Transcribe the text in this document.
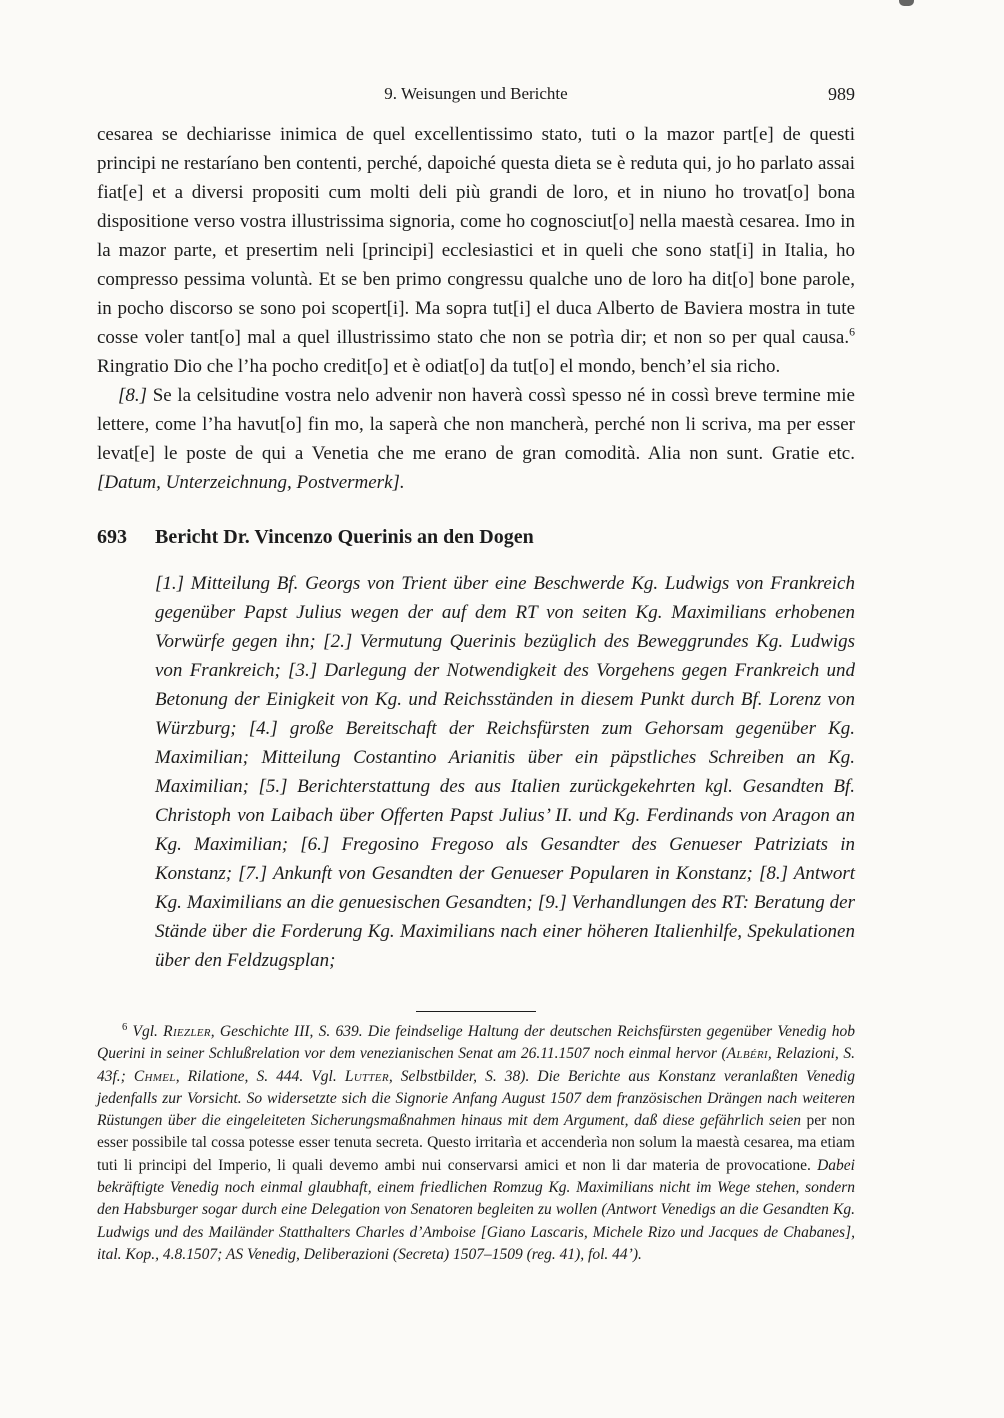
9. Weisungen und Berichte	989

cesarea se dechiarisse inimica de quel excellentissimo stato, tuti o la mazor part[e] de questi principi ne restaríano ben contenti, perché, dapoiché questa dieta se è reduta qui, jo ho parlato assai fiat[e] et a diversi propositi cum molti deli più grandi de loro, et in niuno ho trovat[o] bona dispositione verso vostra illustrissima signoria, come ho cognosciut[o] nella maestà cesarea. Imo in la mazor parte, et presertim neli [principi] ecclesiastici et in queli che sono stat[i] in Italia, ho compresso pessima voluntà. Et se ben primo congressu qualche uno de loro ha dit[o] bone parole, in pocho discorso se sono poi scopert[i]. Ma sopra tut[i] el duca Alberto de Baviera mostra in tute cosse voler tant[o] mal a quel illustrissimo stato che non se potrìa dir; et non so per qual causa.$^6$ Ringratio Dio che l’ha pocho credit[o] et è odiat[o] da tut[o] el mondo, bench’el sia richo.

[8.] Se la celsitudine vostra nelo advenir non haverà cossì spesso né in cossì breve termine mie lettere, come l’ha havut[o] fin mo, la saperà che non mancherà, perché non li scriva, ma per esser levat[e] le poste de qui a Venetia che me erano de gran comodità. Alia non sunt. Gratie etc. [Datum, Unterzeichnung, Postvermerk].

693	Bericht Dr. Vincenzo Querinis an den Dogen

[1.] Mitteilung Bf. Georgs von Trient über eine Beschwerde Kg. Ludwigs von Frankreich gegenüber Papst Julius wegen der auf dem RT von seiten Kg. Maximilians erhobenen Vorwürfe gegen ihn; [2.] Vermutung Querinis bezüglich des Beweggrundes Kg. Ludwigs von Frankreich; [3.] Darlegung der Notwendigkeit des Vorgehens gegen Frankreich und Betonung der Einigkeit von Kg. und Reichsständen in diesem Punkt durch Bf. Lorenz von Würzburg; [4.] große Bereitschaft der Reichsfürsten zum Gehorsam gegenüber Kg. Maximilian; Mitteilung Costantino Arianitis über ein päpstliches Schreiben an Kg. Maximilian; [5.] Berichterstattung des aus Italien zurückgekehrten kgl. Gesandten Bf. Christoph von Laibach über Offerten Papst Julius’ II. und Kg. Ferdinands von Aragon an Kg. Maximilian; [6.] Fregosino Fregoso als Gesandter des Genueser Patriziats in Konstanz; [7.] Ankunft von Gesandten der Genueser Popularen in Konstanz; [8.] Antwort Kg. Maximilians an die genuesischen Gesandten; [9.] Verhandlungen des RT: Beratung der Stände über die Forderung Kg. Maximilians nach einer höheren Italienhilfe, Spekulationen über den Feldzugsplan;

$^6$ Vgl. Riezler, Geschichte III, S. 639. Die feindselige Haltung der deutschen Reichsfürsten gegenüber Venedig hob Querini in seiner Schlußrelation vor dem venezianischen Senat am 26.11.1507 noch einmal hervor (Albéri, Relazioni, S. 43f.; Chmel, Rilatione, S. 444. Vgl. Lutter, Selbstbilder, S. 38). Die Berichte aus Konstanz veranlaßten Venedig jedenfalls zur Vorsicht. So widersetzte sich die Signorie Anfang August 1507 dem französischen Drängen nach weiteren Rüstungen über die eingeleiteten Sicherungsmaßnahmen hinaus mit dem Argument, daß diese gefährlich seien per non esser possibile tal cossa potesse esser tenuta secreta. Questo irritarìa et accenderìa non solum la maestà cesarea, ma etiam tuti li principi del Imperio, li quali devemo ambi nui conservarsi amici et non li dar materia de provocatione. Dabei bekräftigte Venedig noch einmal glaubhaft, einem friedlichen Romzug Kg. Maximilians nicht im Wege stehen, sondern den Habsburger sogar durch eine Delegation von Senatoren begleiten zu wollen (Antwort Venedigs an die Gesandten Kg. Ludwigs und des Mailänder Statthalters Charles d’Amboise [Giano Lascaris, Michele Rizo und Jacques de Chabanes], ital. Kop., 4.8.1507; AS Venedig, Deliberazioni (Secreta) 1507–1509 (reg. 41), fol. 44’).
